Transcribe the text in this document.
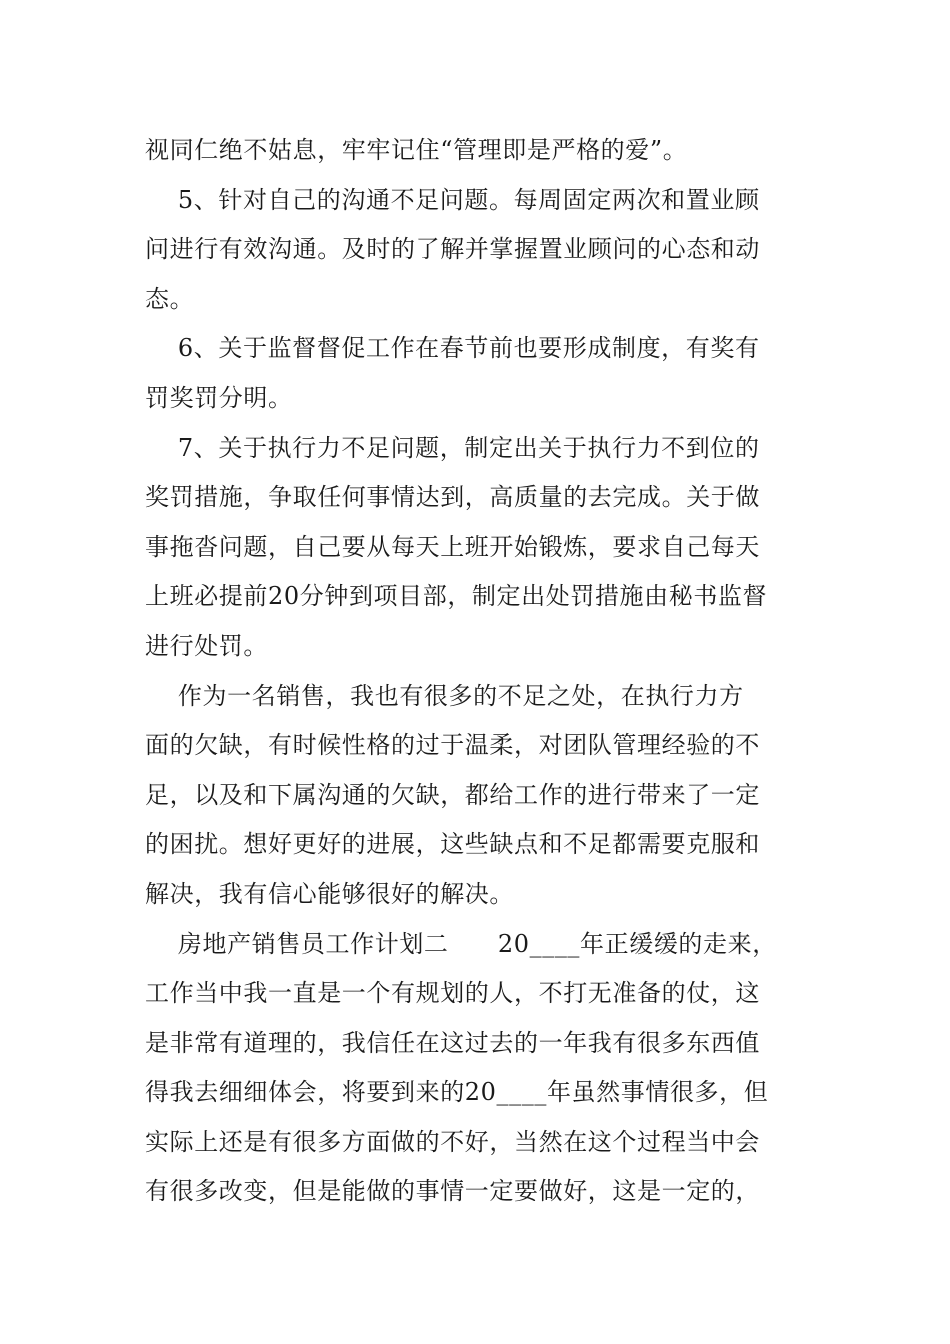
视同仁绝不姑息，牢牢记住“管理即是严格的爱”。
5、针对自己的沟通不足问题。每周固定两次和置业顾
问进行有效沟通。及时的了解并掌握置业顾问的心态和动
态。
6、关于监督督促工作在春节前也要形成制度，有奖有
罚奖罚分明。
7、关于执行力不足问题，制定出关于执行力不到位的
奖罚措施，争取任何事情达到，高质量的去完成。关于做
事拖沓问题，自己要从每天上班开始锻炼，要求自己每天
上班必提前20分钟到项目部，制定出处罚措施由秘书监督
进行处罚。
作为一名销售，我也有很多的不足之处，在执行力方
面的欠缺，有时候性格的过于温柔，对团队管理经验的不
足，以及和下属沟通的欠缺，都给工作的进行带来了一定
的困扰。想好更好的进展，这些缺点和不足都需要克服和
解决，我有信心能够很好的解决。
房地产销售员工作计划二      20____年正缓缓的走来，
工作当中我一直是一个有规划的人，不打无准备的仗，这
是非常有道理的，我信任在这过去的一年我有很多东西值
得我去细细体会，将要到来的20____年虽然事情很多，但
实际上还是有很多方面做的不好，当然在这个过程当中会
有很多改变，但是能做的事情一定要做好，这是一定的，
